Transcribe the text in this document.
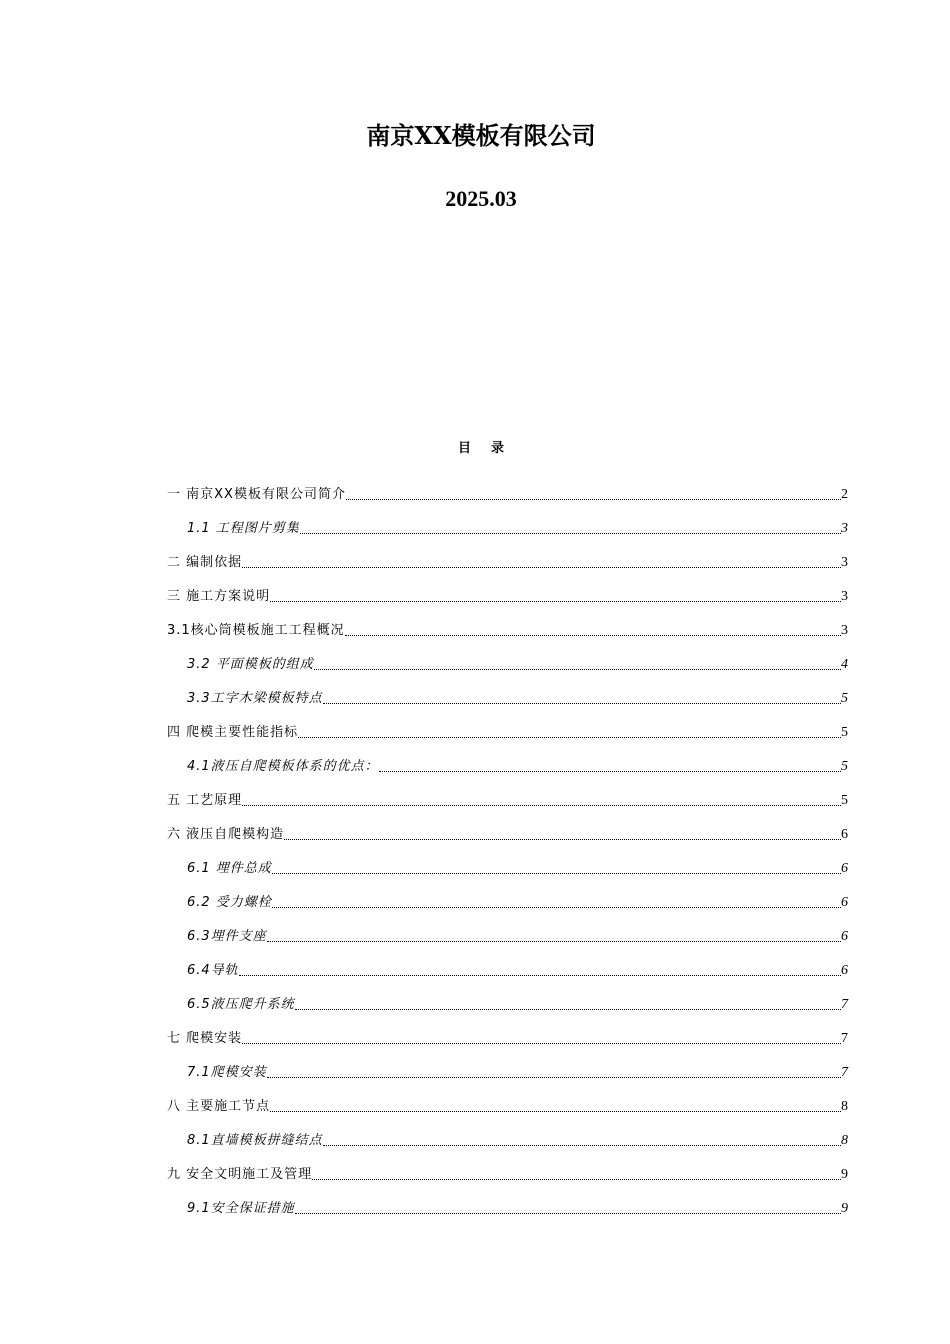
南京XX模板有限公司
2025.03
目录
一 南京XX模板有限公司简介	2
1.1 工程图片剪集	3
二 编制依据	3
三 施工方案说明	3
3.1核心筒模板施工工程概况	3
3.2 平面模板的组成	4
3.3工字木梁模板特点	5
四 爬模主要性能指标	5
4.1液压自爬模板体系的优点：	5
五 工艺原理	5
六 液压自爬模构造	6
6.1 埋件总成	6
6.2 受力螺栓	6
6.3埋件支座	6
6.4导轨	6
6.5液压爬升系统	7
七 爬模安装	7
7.1爬模安装	7
八 主要施工节点	8
8.1直墙模板拼缝结点	8
九 安全文明施工及管理	9
9.1安全保证措施	9
